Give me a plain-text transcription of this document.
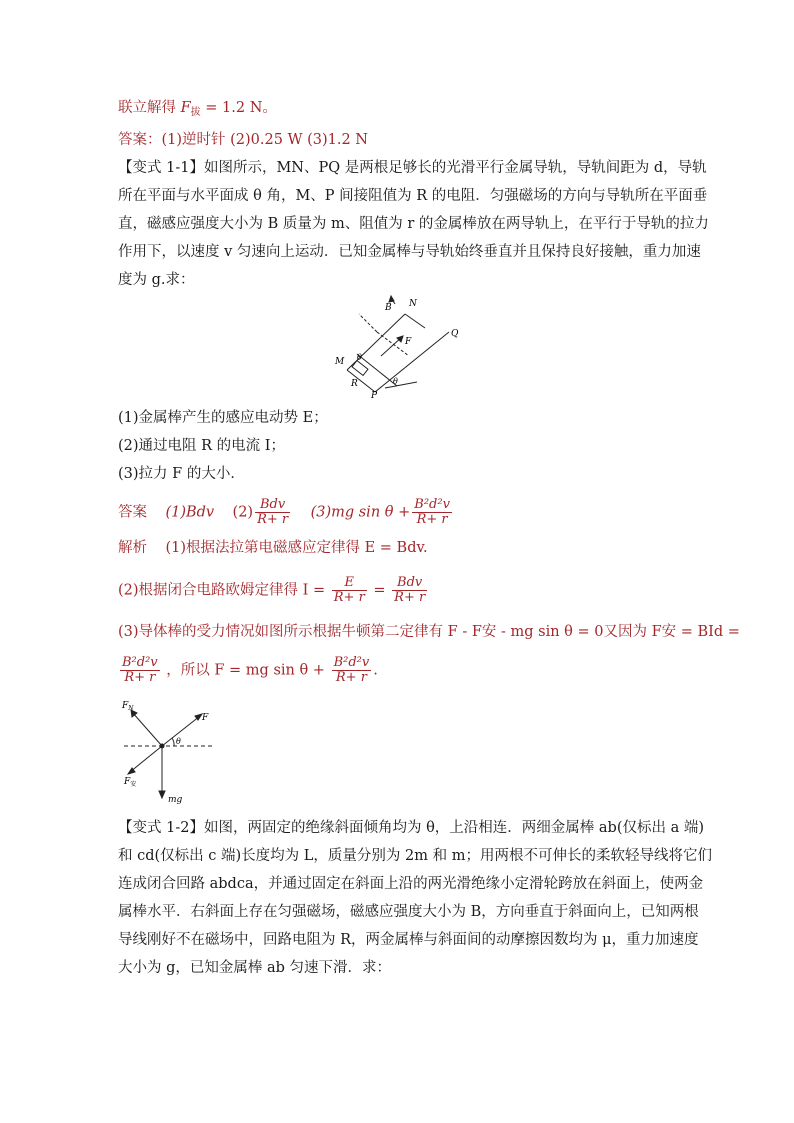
联立解得 $F_拔 = 1.2$ N。
答案：(1)逆时针 (2)0.25 W (3)1.2 N
【变式 1-1】如图所示，MN、PQ 是两根足够长的光滑平行金属导轨，导轨间距为 d，导轨
所在平面与水平面成 θ 角，M、P 间接阻值为 R 的电阻．匀强磁场的方向与导轨所在平面垂
直，磁感应强度大小为 B 质量为 m、阻值为 r 的金属棒放在两导轨上，在平行于导轨的拉力
作用下，以速度 v 匀速向上运动．已知金属棒与导轨始终垂直并且保持良好接触，重力加速
度为 g.求：
B N
Q
F
M
R
P
θ
θ
(1)金属棒产生的感应电动势 E；
(2)通过电阻 R 的电流 I；
(3)拉力 F 的大小．
答案 (1)Bdv $(2) \frac{\text{Bdv}}{R+ r} (3)mg$ $\sin \theta + \frac{\text{B²d²v}}{R+ r}$
解析 (1)根据法拉第电磁感应定律得 E = Bdv.
(2)根据闭合电路欧姆定律得 $I = \frac{E}{R+ r} = \frac{\text{Bdv}}{R+ r}$
(3)导体棒的受力情况如图所示根据牛顿第二定律有 F - F安 - mg sin θ = 0又因为 F安 = BId =
$\frac{\text{B²d²v}}{R+ r}$ ，所以 F = mg $\sin \theta + \frac{\text{B²d²v}}{R+ r}$ .
$F_N$
F
θ
$F_安$
mg
【变式 1-2】如图，两固定的绝缘斜面倾角均为 θ，上沿相连．两细金属棒 ab(仅标出 a 端)
和 cd(仅标出 c 端)长度均为 L，质量分别为 2m 和 m；用两根不可伸长的柔软轻导线将它们
连成闭合回路 abdca，并通过固定在斜面上沿的两光滑绝缘小定滑轮跨放在斜面上，使两金
属棒水平．右斜面上存在匀强磁场，磁感应强度大小为 B，方向垂直于斜面向上，已知两根
导线刚好不在磁场中，回路电阻为 R，两金属棒与斜面间的动摩擦因数均为 μ，重力加速度
大小为 g，已知金属棒 ab 匀速下滑．求：
